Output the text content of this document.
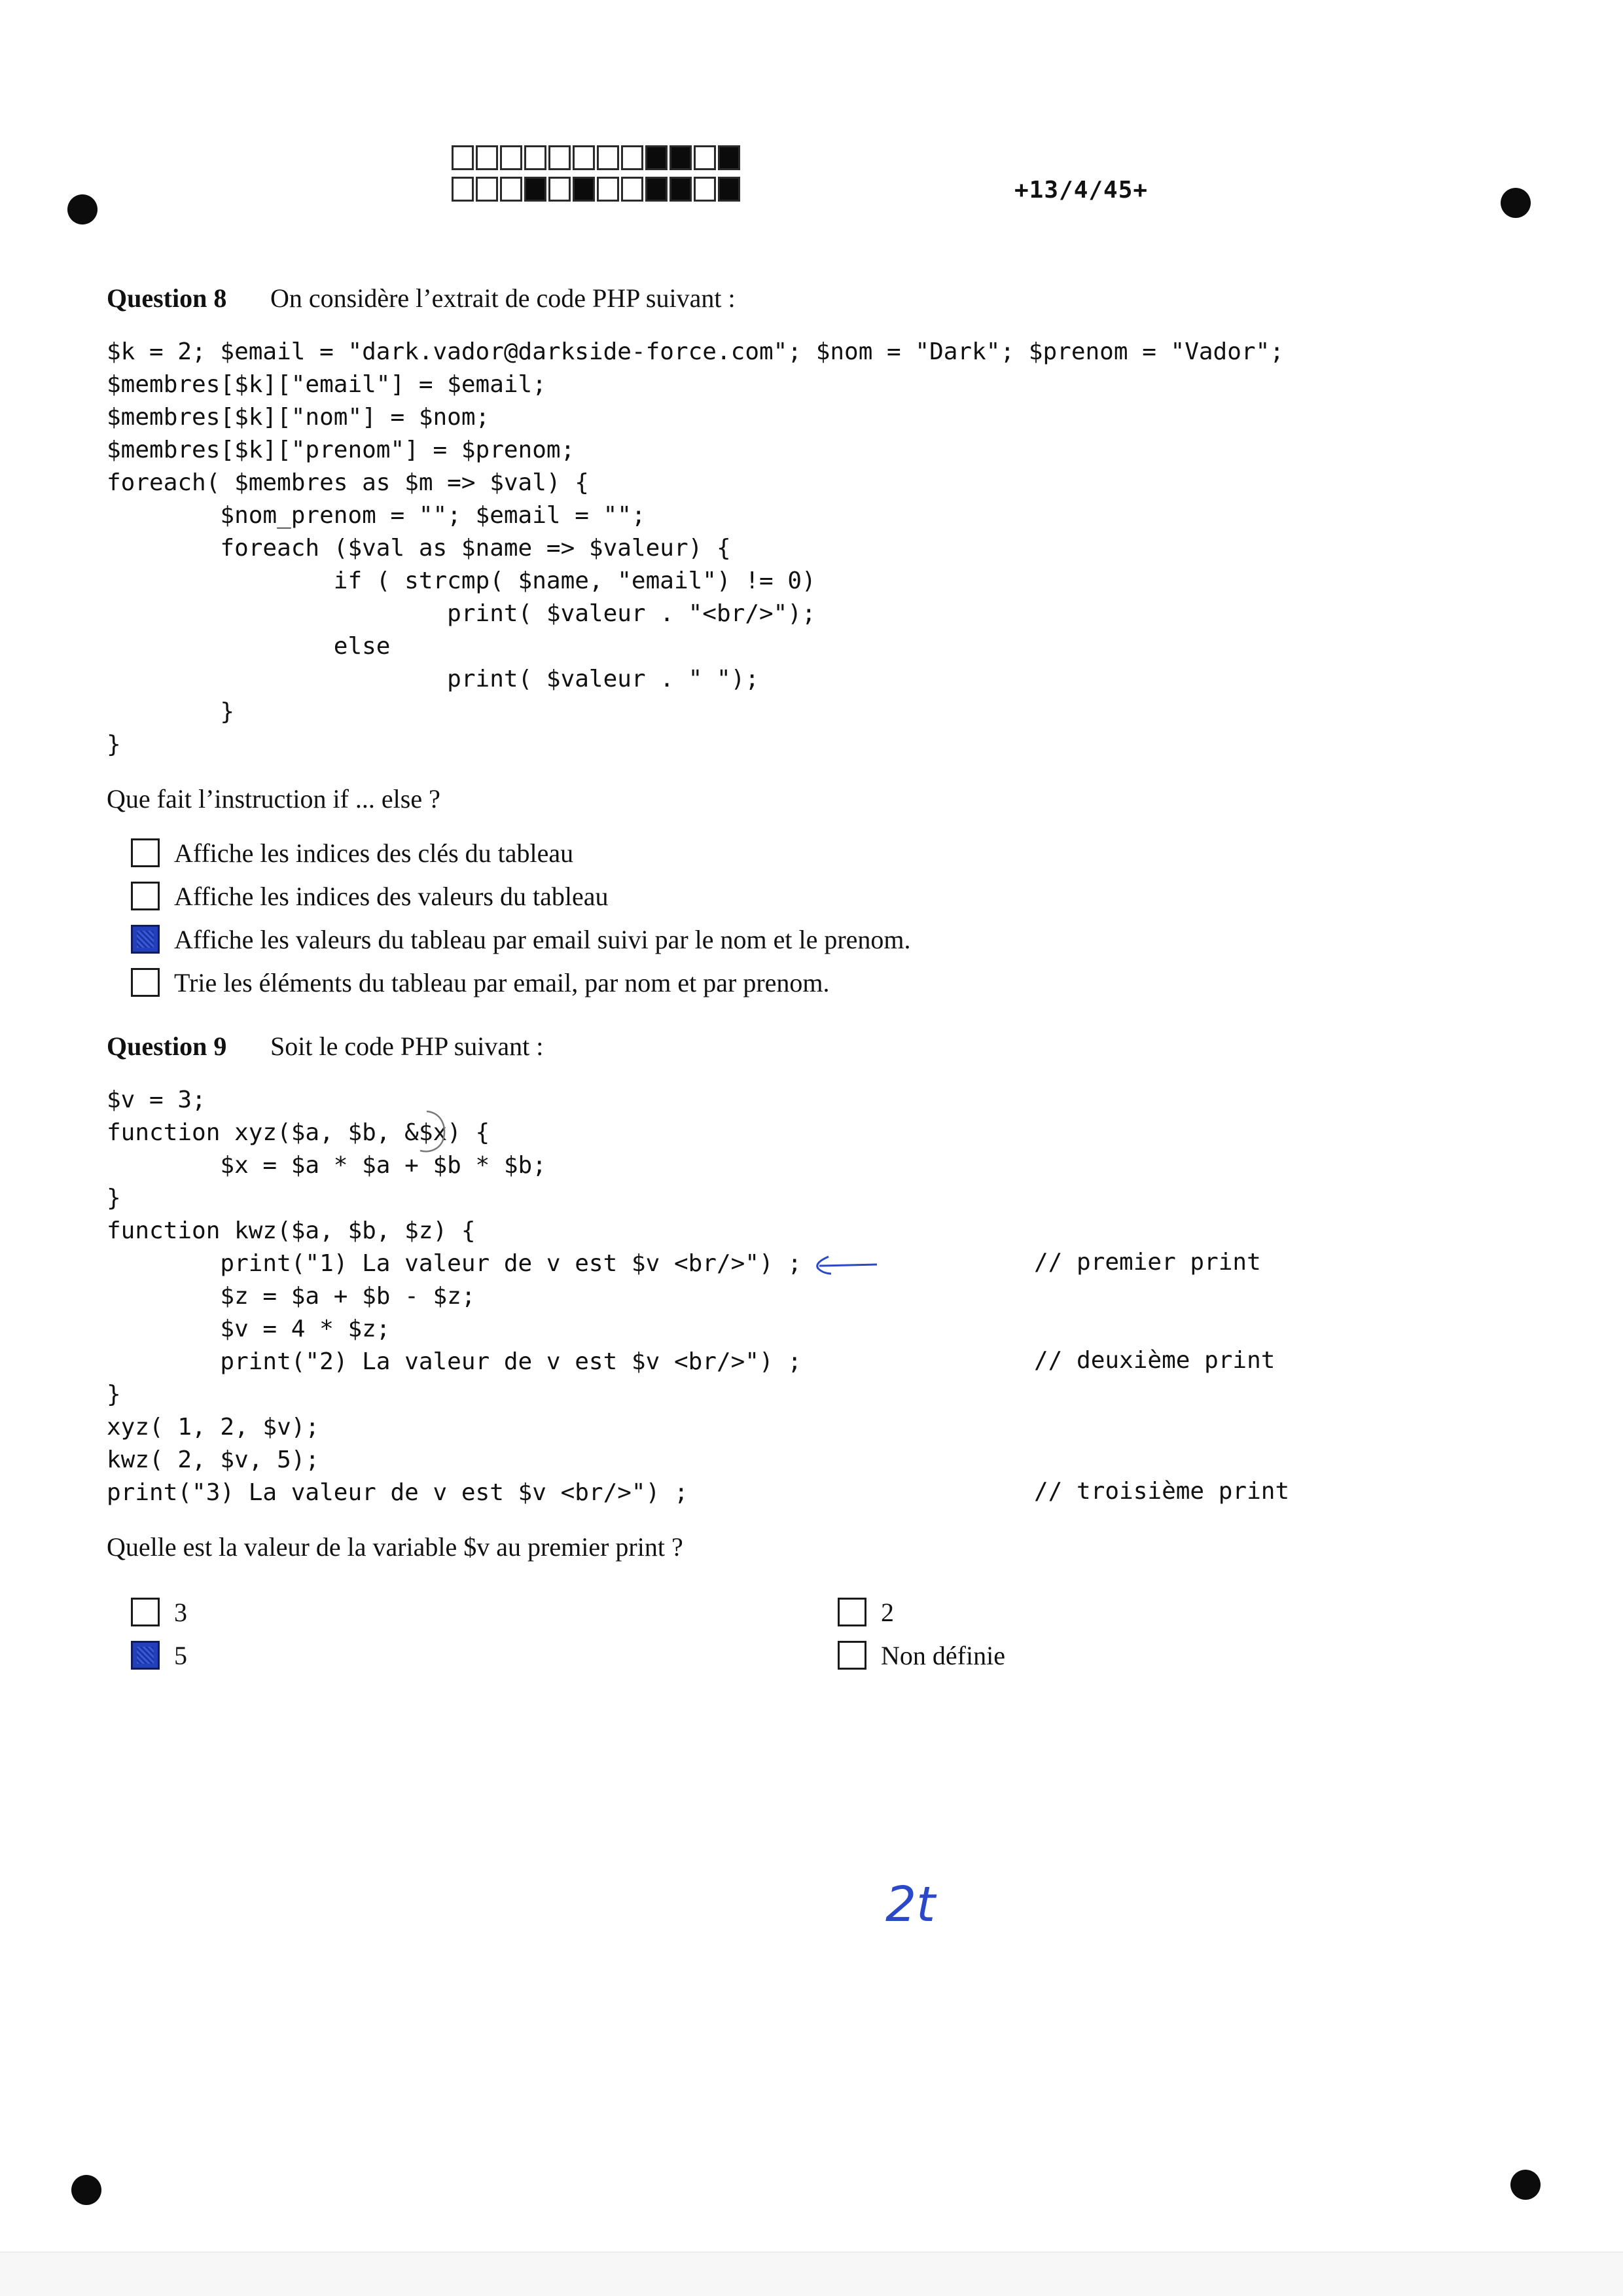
+13/4/45+
Question 8 On considère l’extrait de code PHP suivant :
$k = 2; $email = "dark.vador@darkside-force.com"; $nom = "Dark"; $prenom = "Vador";
$membres[$k]["email"] = $email;
$membres[$k]["nom"] = $nom;
$membres[$k]["prenom"] = $prenom;
foreach( $membres as $m => $val) {
$nom_prenom = ""; $email = "";
foreach ($val as $name => $valeur) {
if ( strcmp( $name, "email") != 0)
print( $valeur . "<br/>");
else
print( $valeur . " ");
}
}
Que fait l’instruction if ... else ?
Affiche les indices des clés du tableau
Affiche les indices des valeurs du tableau
Affiche les valeurs du tableau par email suivi par le nom et le prenom.
Trie les éléments du tableau par email, par nom et par prenom.
Question 9 Soit le code PHP suivant :
$v = 3;
function xyz($a, $b, &$x) {
$x = $a * $a + $b * $b;
}
function kwz($a, $b, $z) {
print("1) La valeur de v est $v <br/>") ;
$z = $a + $b - $z;
$v = 4 * $z;
print("2) La valeur de v est $v <br/>") ;
}
xyz( 1, 2, $v);
kwz( 2, $v, 5);
print("3) La valeur de v est $v <br/>") ;
// premier print
// deuxième print
// troisième print
Quelle est la valeur de la variable $v au premier print ?
3	2
5	Non définie
2t
